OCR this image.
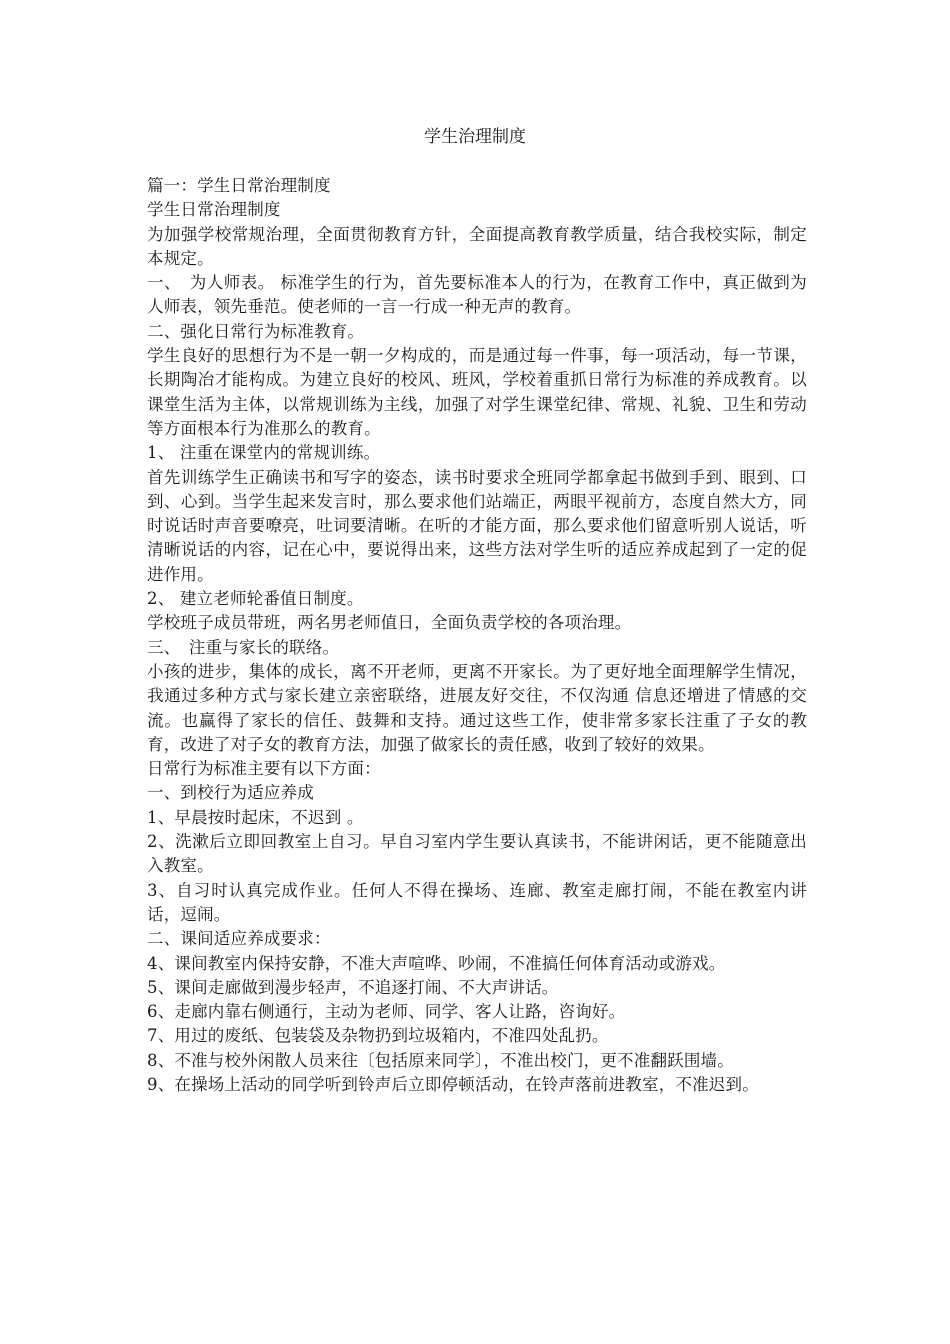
学生治理制度

篇一：学生日常治理制度

学生日常治理制度

为加强学校常规治理，全面贯彻教育方针，全面提高教育教学质量，结合我校实际，制定本规定。

一、　为人师表。 标准学生的行为，首先要标准本人的行为，在教育工作中，真正做到为人师表，领先垂范。使老师的一言一行成一种无声的教育。

二、强化日常行为标准教育。

学生良好的思想行为不是一朝一夕构成的，而是通过每一件事，每一项活动，每一节课，长期陶冶才能构成。为建立良好的校风、班风，学校着重抓日常行为标准的养成教育。以课堂生活为主体，以常规训练为主线，加强了对学生课堂纪律、常规、礼貌、卫生和劳动等方面根本行为准那么的教育。

1、 注重在课堂内的常规训练。

首先训练学生正确读书和写字的姿态，读书时要求全班同学都拿起书做到手到、眼到、口到、心到。当学生起来发言时，那么要求他们站端正，两眼平视前方，态度自然大方，同时说话时声音要嘹亮，吐词要清晰。在听的才能方面，那么要求他们留意听别人说话，听清晰说话的内容，记在心中，要说得出来，这些方法对学生听的适应养成起到了一定的促进作用。

2、 建立老师轮番值日制度。

学校班子成员带班，两名男老师值日，全面负责学校的各项治理。

三、　注重与家长的联络。

小孩的进步，集体的成长，离不开老师，更离不开家长。为了更好地全面理解学生情况，我通过多种方式与家长建立亲密联络，进展友好交往，不仅沟通 信息还增进了情感的交流。也赢得了家长的信任、鼓舞和支持。通过这些工作，使非常多家长注重了子女的教育，改进了对子女的教育方法，加强了做家长的责任感，收到了较好的效果。

日常行为标准主要有以下方面：

一、到校行为适应养成

1、早晨按时起床，不迟到 。

2、洗漱后立即回教室上自习。早自习室内学生要认真读书，不能讲闲话，更不能随意出入教室。

3、自习时认真完成作业。任何人不得在操场、连廊、教室走廊打闹，不能在教室内讲话，逗闹。

二、课间适应养成要求：

4、课间教室内保持安静，不准大声喧哗、吵闹，不准搞任何体育活动或游戏。

5、课间走廊做到漫步轻声，不追逐打闹、不大声讲话。

6、走廊内靠右侧通行，主动为老师、同学、客人让路，咨询好。

7、用过的废纸、包装袋及杂物扔到垃圾箱内，不准四处乱扔。

8、不准与校外闲散人员来往〔包括原来同学〕，不准出校门，更不准翻跃围墙。

9、在操场上活动的同学听到铃声后立即停顿活动，在铃声落前进教室，不准迟到。
